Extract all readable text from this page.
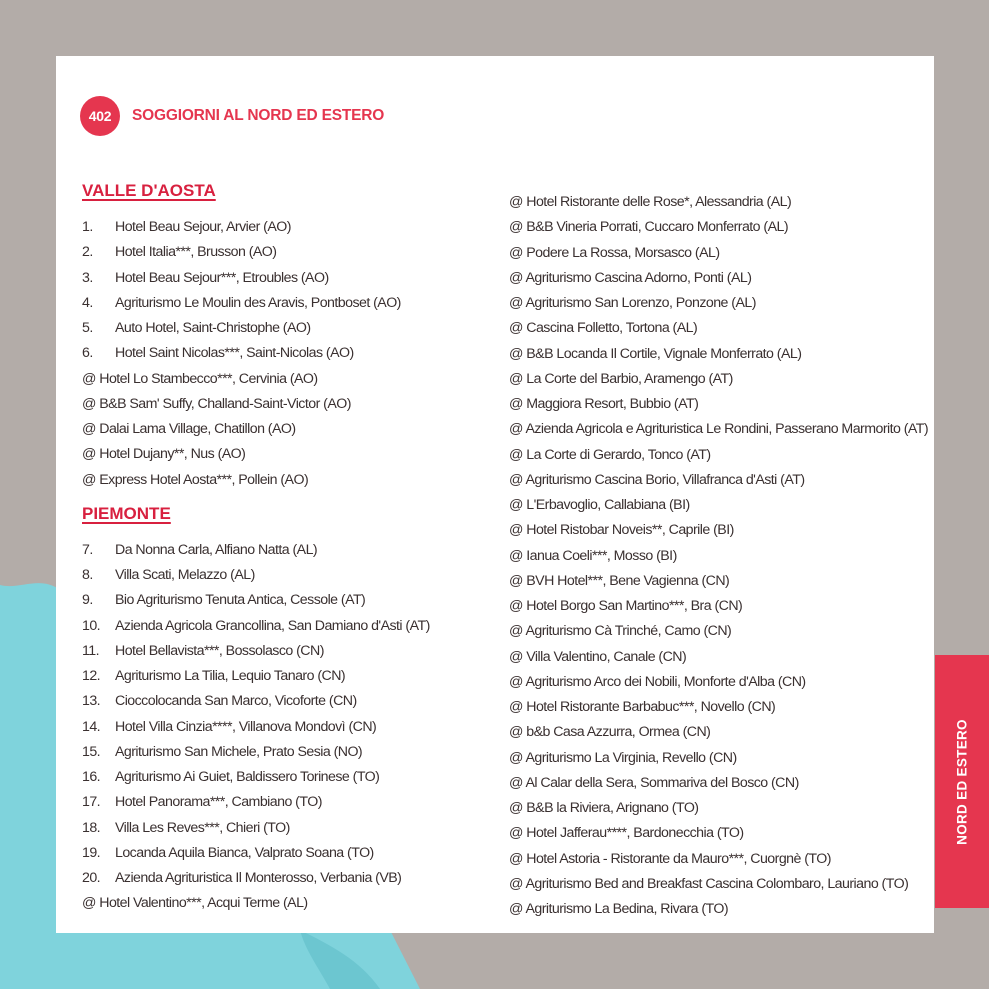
402	SOGGIORNI AL NORD ED ESTERO
VALLE D'AOSTA
1. Hotel Beau Sejour, Arvier (AO)
2. Hotel Italia***, Brusson (AO)
3. Hotel Beau Sejour***, Etroubles (AO)
4. Agriturismo Le Moulin des Aravis, Pontboset (AO)
5. Auto Hotel, Saint-Christophe (AO)
6. Hotel Saint Nicolas***, Saint-Nicolas (AO)
@ Hotel Lo Stambecco***, Cervinia (AO)
@ B&B Sam' Suffy, Challand-Saint-Victor (AO)
@ Dalai Lama Village, Chatillon (AO)
@ Hotel Dujany**, Nus (AO)
@ Express Hotel Aosta***, Pollein (AO)
PIEMONTE
7. Da Nonna Carla, Alfiano Natta (AL)
8. Villa Scati, Melazzo (AL)
9. Bio Agriturismo Tenuta Antica, Cessole (AT)
10. Azienda Agricola Grancollina, San Damiano d'Asti (AT)
11. Hotel Bellavista***, Bossolasco (CN)
12. Agriturismo La Tilia, Lequio Tanaro (CN)
13. Cioccolocanda San Marco, Vicoforte (CN)
14. Hotel Villa Cinzia****, Villanova Mondovì (CN)
15. Agriturismo San Michele, Prato Sesia (NO)
16. Agriturismo Ai Guiet, Baldissero Torinese (TO)
17. Hotel Panorama***, Cambiano (TO)
18. Villa Les Reves***, Chieri (TO)
19. Locanda Aquila Bianca, Valprato Soana (TO)
20. Azienda Agrituristica Il Monterosso, Verbania (VB)
@ Hotel Valentino***, Acqui Terme (AL)
@ Hotel Ristorante delle Rose*, Alessandria (AL)
@ B&B Vineria Porrati, Cuccaro Monferrato (AL)
@ Podere La Rossa, Morsasco (AL)
@ Agriturismo Cascina Adorno, Ponti (AL)
@ Agriturismo San Lorenzo, Ponzone (AL)
@ Cascina Folletto, Tortona (AL)
@ B&B Locanda Il Cortile, Vignale Monferrato (AL)
@ La Corte del Barbio, Aramengo (AT)
@ Maggiora Resort, Bubbio (AT)
@ Azienda Agricola e Agrituristica Le Rondini, Passerano Marmorito (AT)
@ La Corte di Gerardo, Tonco (AT)
@ Agriturismo Cascina Borio, Villafranca d'Asti (AT)
@ L'Erbavoglio, Callabiana (BI)
@ Hotel Ristobar Noveis**, Caprile (BI)
@ Ianua Coeli***, Mosso (BI)
@ BVH Hotel***, Bene Vagienna (CN)
@ Hotel Borgo San Martino***, Bra (CN)
@ Agriturismo Cà Trinché, Camo (CN)
@ Villa Valentino, Canale (CN)
@ Agriturismo Arco dei Nobili, Monforte d'Alba (CN)
@ Hotel Ristorante Barbabuc***, Novello (CN)
@ b&b Casa Azzurra, Ormea (CN)
@ Agriturismo La Virginia, Revello (CN)
@ Al Calar della Sera, Sommariva del Bosco (CN)
@ B&B la Riviera, Arignano (TO)
@ Hotel Jafferau****, Bardonecchia (TO)
@ Hotel Astoria - Ristorante da Mauro***, Cuorgnè (TO)
@ Agriturismo Bed and Breakfast Cascina Colombaro, Lauriano (TO)
@ Agriturismo La Bedina, Rivara (TO)
NORD ED ESTERO
